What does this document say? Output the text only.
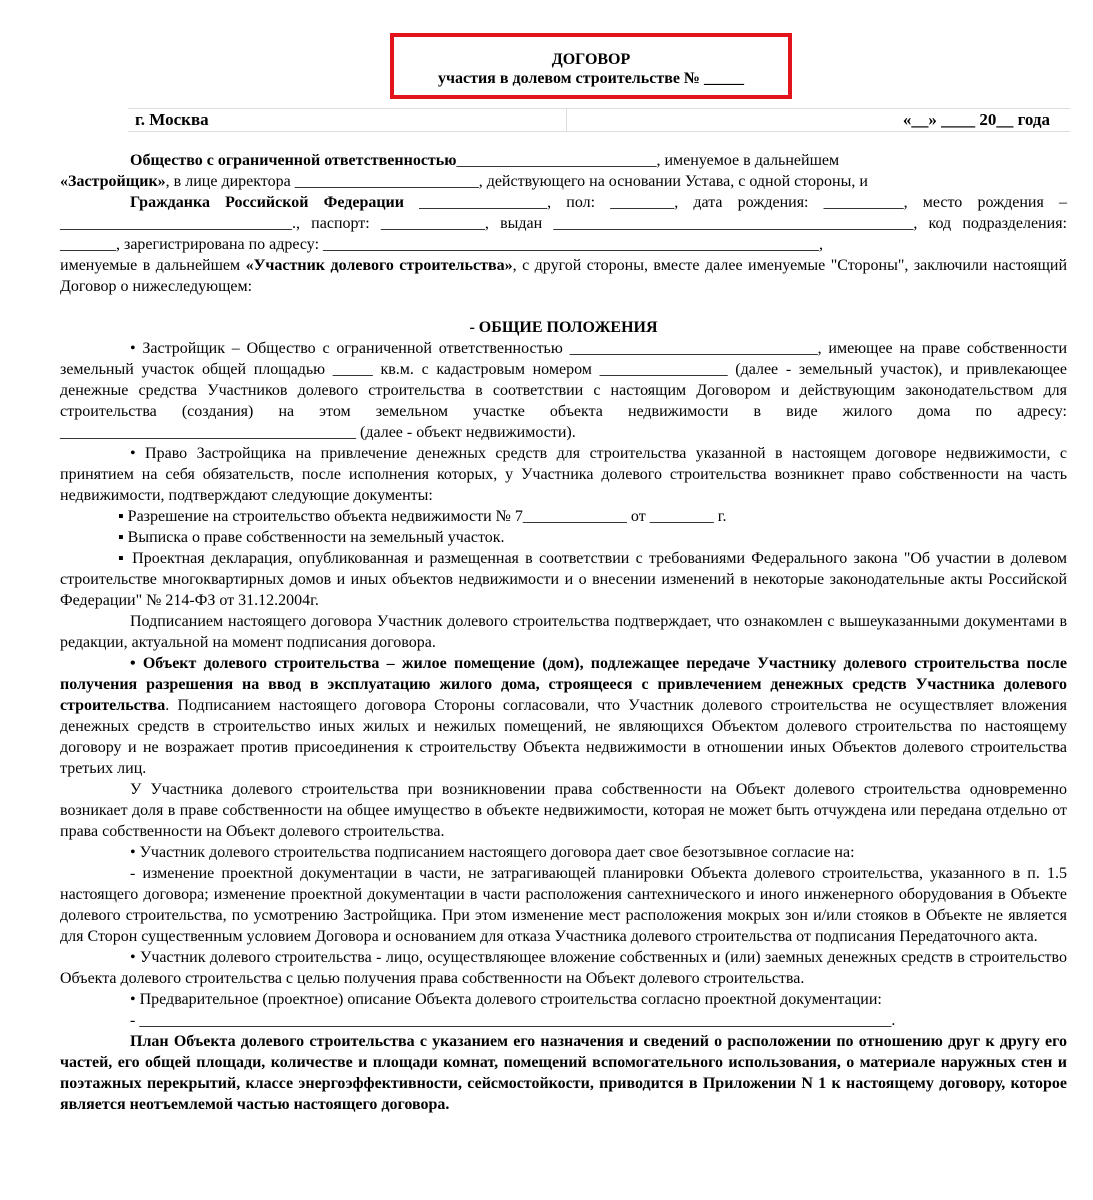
ДОГОВОР
участия в долевом строительстве № _____
г. Москва	«__» ____ 20__ года

Общество с ограниченной ответственностью_________________________, именуемое в дальнейшем

«Застройщик», в лице директора _______________________, действующего на основании Устава, с одной стороны, и

Гражданка Российской Федерации ________________, пол: ________, дата рождения: __________, место рождения – _____________________________., паспорт: _____________, выдан _____________________________________________, код подразделения: _______, зарегистрирована по адресу: ______________________________________________________________,

именуемые в дальнейшем «Участник долевого строительства», с другой стороны, вместе далее именуемые "Стороны", заключили настоящий Договор о нижеследующем:

- ОБЩИЕ ПОЛОЖЕНИЯ

• Застройщик – Общество с ограниченной ответственностью _______________________________, имеющее на праве собственности земельный участок общей площадью _____ кв.м. с кадастровым номером ________________ (далее - земельный участок), и привлекающее денежные средства Участников долевого строительства в соответствии с настоящим Договором и действующим законодательством для строительства (создания) на этом земельном участке объекта недвижимости в виде жилого дома по адресу: _____________________________________ (далее - объект недвижимости).

• Право Застройщика на привлечение денежных средств для строительства указанной в настоящем договоре недвижимости, с принятием на себя обязательств, после исполнения которых, у Участника долевого строительства возникнет право собственности на часть недвижимости, подтверждают следующие документы:

▪ Разрешение на строительство объекта недвижимости № 7_____________ от ________ г.

▪ Выписка о праве собственности на земельный участок.

▪ Проектная декларация, опубликованная и размещенная в соответствии с требованиями Федерального закона "Об участии в долевом строительстве многоквартирных домов и иных объектов недвижимости и о внесении изменений в некоторые законодательные акты Российской Федерации" № 214-ФЗ от 31.12.2004г.

Подписанием настоящего договора Участник долевого строительства подтверждает, что ознакомлен с вышеуказанными документами в редакции, актуальной на момент подписания договора.

• Объект долевого строительства – жилое помещение (дом), подлежащее передаче Участнику долевого строительства после получения разрешения на ввод в эксплуатацию жилого дома, строящееся с привлечением денежных средств Участника долевого строительства. Подписанием настоящего договора Стороны согласовали, что Участник долевого строительства не осуществляет вложения денежных средств в строительство иных жилых и нежилых помещений, не являющихся Объектом долевого строительства по настоящему договору и не возражает против присоединения к строительству Объекта недвижимости в отношении иных Объектов долевого строительства третьих лиц.

У Участника долевого строительства при возникновении права собственности на Объект долевого строительства одновременно возникает доля в праве собственности на общее имущество в объекте недвижимости, которая не может быть отчуждена или передана отдельно от права собственности на Объект долевого строительства.

• Участник долевого строительства подписанием настоящего договора дает свое безотзывное согласие на:

- изменение проектной документации в части, не затрагивающей планировки Объекта долевого строительства, указанного в п. 1.5 настоящего договора; изменение проектной документации в части расположения сантехнического и иного инженерного оборудования в Объекте долевого строительства, по усмотрению Застройщика. При этом изменение мест расположения мокрых зон и/или стояков в Объекте не является для Сторон существенным условием Договора и основанием для отказа Участника долевого строительства от подписания Передаточного акта.

• Участник долевого строительства - лицо, осуществляющее вложение собственных и (или) заемных денежных средств в строительство Объекта долевого строительства с целью получения права собственности на Объект долевого строительства.

• Предварительное (проектное) описание Объекта долевого строительства согласно проектной документации:

- ______________________________________________________________________________________________.

План Объекта долевого строительства с указанием его назначения и сведений о расположении по отношению друг к другу его частей, его общей площади, количестве и площади комнат, помещений вспомогательного использования, о материале наружных стен и поэтажных перекрытий, классе энергоэффективности, сейсмостойкости, приводится в Приложении N 1 к настоящему договору, которое является неотъемлемой частью настоящего договора.
